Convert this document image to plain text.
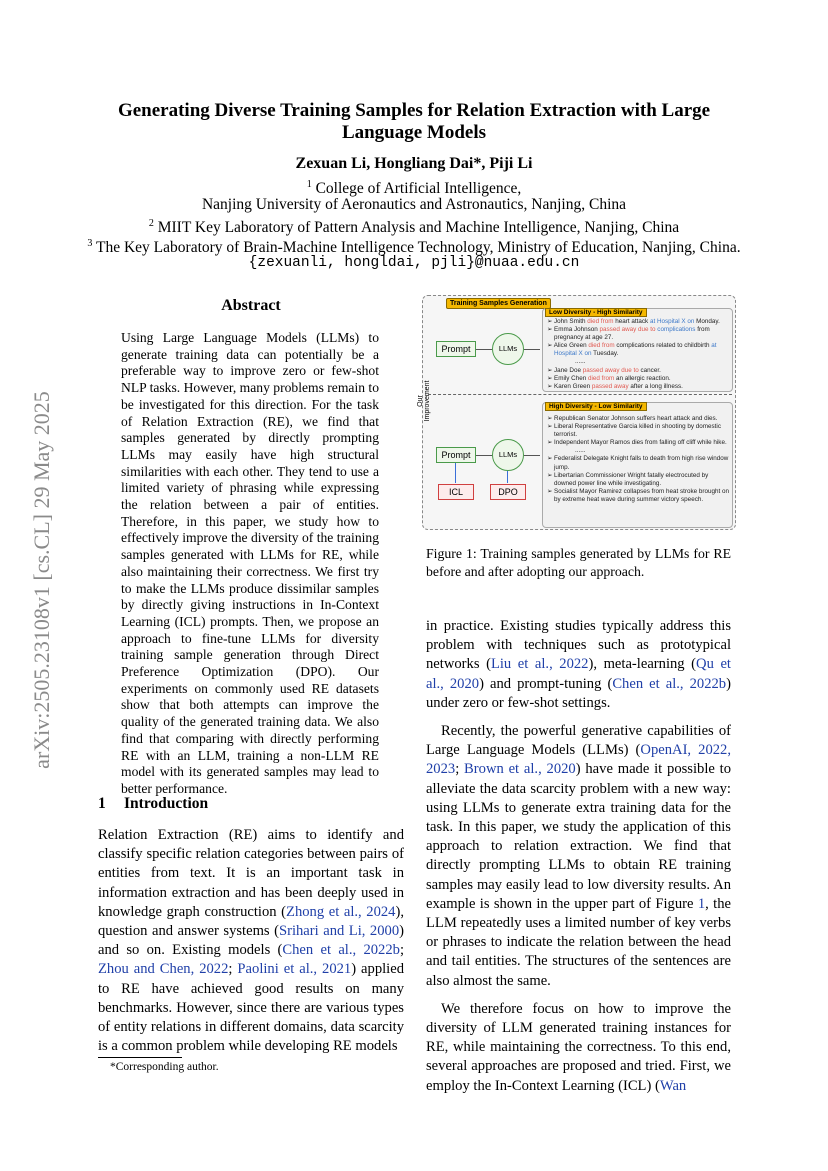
arXiv:2505.23108v1 [cs.CL] 29 May 2025
Generating Diverse Training Samples for Relation Extraction with Large
Language Models
Zexuan Li, Hongliang Dai*, Piji Li
$^1$ College of Artificial Intelligence,
Nanjing University of Aeronautics and Astronautics, Nanjing, China
$^2$ MIIT Key Laboratory of Pattern Analysis and Machine Intelligence, Nanjing, China
$^3$ The Key Laboratory of Brain-Machine Intelligence Technology, Ministry of Education, Nanjing, China.
{zexuanli, hongldai, pjli}@nuaa.edu.cn
Abstract
Using Large Language Models (LLMs) to generate training data can potentially be a preferable way to improve zero or few-shot NLP tasks. However, many problems remain to be investigated for this direction. For the task of Relation Extraction (RE), we find that samples generated by directly prompting LLMs may easily have high structural similarities with each other. They tend to use a limited variety of phrasing while expressing the relation between a pair of entities. Therefore, in this paper, we study how to effectively improve the diversity of the training samples generated with LLMs for RE, while also maintaining their correctness. We first try to make the LLMs produce dissimilar samples by directly giving instructions in In-Context Learning (ICL) prompts. Then, we propose an approach to fine-tune LLMs for diversity training sample generation through Direct Preference Optimization (DPO). Our experiments on commonly used RE datasets show that both attempts can improve the quality of the generated training data. We also find that comparing with directly performing RE with an LLM, training a non-LLM RE model with its generated samples may lead to better performance.
1 Introduction

Relation Extraction (RE) aims to identify and classify specific relation categories between pairs of entities from text. It is an important task in information extraction and has been deeply used in knowledge graph construction (Zhong et al., 2024), question and answer systems (Srihari and Li, 2000) and so on. Existing models (Chen et al., 2022b; Zhou and Chen, 2022; Paolini et al., 2021) applied to RE have achieved good results on many benchmarks. However, since there are various types of entity relations in different domains, data scarcity is a common problem while developing RE models

*Corresponding author.

in practice. Existing studies typically address this problem with techniques such as prototypical networks (Liu et al., 2022), meta-learning (Qu et al., 2020) and prompt-tuning (Chen et al., 2022b) under zero or few-shot settings.

Recently, the powerful generative capabilities of Large Language Models (LLMs) (OpenAI, 2022, 2023; Brown et al., 2020) have made it possible to alleviate the data scarcity problem with a new way: using LLMs to generate extra training data for the task. In this paper, we study the application of this approach to relation extraction. We find that directly prompting LLMs to obtain RE training samples may easily lead to low diversity results. An example is shown in the upper part of Figure 1, the LLM repeatedly uses a limited number of key verbs or phrases to indicate the relation between the head and tail entities. The structures of the sentences are also almost the same.

We therefore focus on how to improve the diversity of LLM generated training instances for RE, while maintaining the correctness. To this end, several approaches are proposed and tried. First, we employ the In-Context Learning (ICL) (Wan

Training Samples Generation
Our Improvement
Prompt	LLMs
Prompt	LLMs
ICL	DPO
Low Diversity - High Similarity
➢ John Smith died from heart attack at Hospital X on Monday.
➢ Emma Johnson passed away due to complications from pregnancy at age 27.
➢ Alice Green died from complications related to childbirth at Hospital X on Tuesday.
......
➢ Jane Doe passed away due to cancer.
➢ Emily Chen died from an allergic reaction.
➢ Karen Green passed away after a long illness.
High Diversity - Low Similarity
➢ Republican Senator Johnson suffers heart attack and dies.
➢ Liberal Representative Garcia killed in shooting by domestic terrorist.
➢ Independent Mayor Ramos dies from falling off cliff while hike.
......
➢ Federalist Delegate Knight falls to death from high rise window jump.
➢ Libertarian Commissioner Wright fatally electrocuted by downed power line while investigating.
➢ Socialist Mayor Ramirez collapses from heat stroke brought on by extreme heat wave during summer victory speech.
Figure 1: Training samples generated by LLMs for RE before and after adopting our approach.
